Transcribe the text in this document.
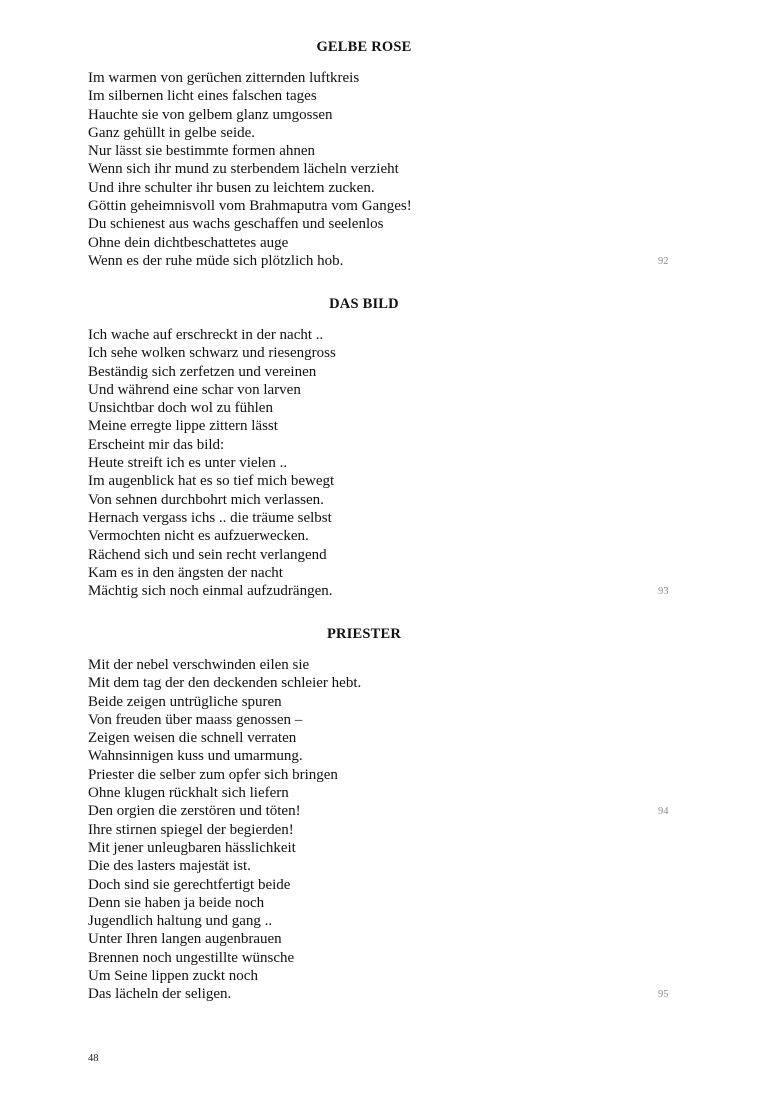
GELBE ROSE
Im warmen von gerüchen zitternden luftkreis
Im silbernen licht eines falschen tages
Hauchte sie von gelbem glanz umgossen
Ganz gehüllt in gelbe seide.
Nur lässt sie bestimmte formen ahnen
Wenn sich ihr mund zu sterbendem lächeln verzieht
Und ihre schulter ihr busen zu leichtem zucken.
Göttin geheimnisvoll vom Brahmaputra vom Ganges!
Du schienest aus wachs geschaffen und seelenlos
Ohne dein dichtbeschattetes auge
Wenn es der ruhe müde sich plötzlich hob.	92
DAS BILD
Ich wache auf erschreckt in der nacht ..
Ich sehe wolken schwarz und riesengross
Beständig sich zerfetzen und vereinen
Und während eine schar von larven
Unsichtbar doch wol zu fühlen
Meine erregte lippe zittern lässt
Erscheint mir das bild:
Heute streift ich es unter vielen ..
Im augenblick hat es so tief mich bewegt
Von sehnen durchbohrt mich verlassen.
Hernach vergass ichs .. die träume selbst
Vermochten nicht es aufzuerwecken.
Rächend sich und sein recht verlangend
Kam es in den ängsten der nacht
Mächtig sich noch einmal aufzudrängen.	93
PRIESTER
Mit der nebel verschwinden eilen sie
Mit dem tag der den deckenden schleier hebt.
Beide zeigen untrügliche spuren
Von freuden über maass genossen –
Zeigen weisen die schnell verraten
Wahnsinnigen kuss und umarmung.
Priester die selber zum opfer sich bringen
Ohne klugen rückhalt sich liefern
Den orgien die zerstören und töten!
Ihre stirnen spiegel der begierden!
Mit jener unleugbaren hässlichkeit
Die des lasters majestät ist.
Doch sind sie gerechtfertigt beide
Denn sie haben ja beide noch
Jugendlich haltung und gang ..
Unter Ihren langen augenbrauen
Brennen noch ungestillte wünsche
Um Seine lippen zuckt noch
Das lächeln der seligen.
94
95
48
